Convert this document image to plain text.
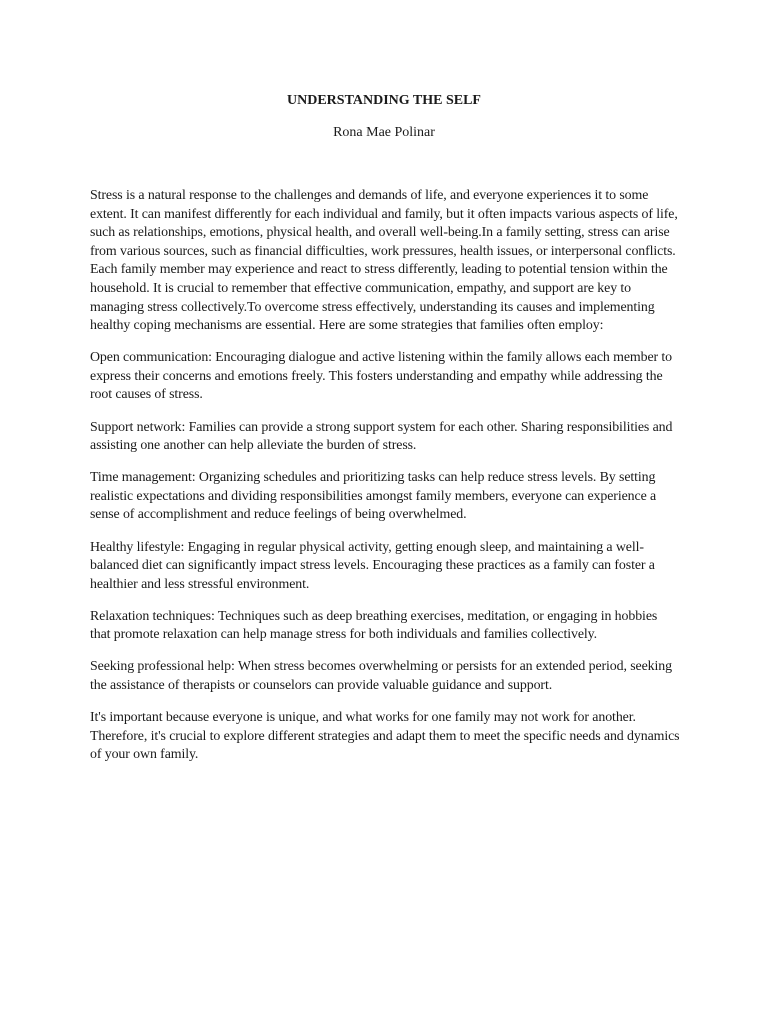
UNDERSTANDING THE SELF
Rona Mae Polinar

Stress is a natural response to the challenges and demands of life, and everyone experiences it to some extent. It can manifest differently for each individual and family, but it often impacts various aspects of life, such as relationships, emotions, physical health, and overall well-being.In a family setting, stress can arise from various sources, such as financial difficulties, work pressures, health issues, or interpersonal conflicts. Each family member may experience and react to stress differently, leading to potential tension within the household. It is crucial to remember that effective communication, empathy, and support are key to managing stress collectively.To overcome stress effectively, understanding its causes and implementing healthy coping mechanisms are essential. Here are some strategies that families often employ:

Open communication: Encouraging dialogue and active listening within the family allows each member to express their concerns and emotions freely. This fosters understanding and empathy while addressing the root causes of stress.

Support network: Families can provide a strong support system for each other. Sharing responsibilities and assisting one another can help alleviate the burden of stress.

Time management: Organizing schedules and prioritizing tasks can help reduce stress levels. By setting realistic expectations and dividing responsibilities amongst family members, everyone can experience a sense of accomplishment and reduce feelings of being overwhelmed.

Healthy lifestyle: Engaging in regular physical activity, getting enough sleep, and maintaining a well-balanced diet can significantly impact stress levels. Encouraging these practices as a family can foster a healthier and less stressful environment.

Relaxation techniques: Techniques such as deep breathing exercises, meditation, or engaging in hobbies that promote relaxation can help manage stress for both individuals and families collectively.

Seeking professional help: When stress becomes overwhelming or persists for an extended period, seeking the assistance of therapists or counselors can provide valuable guidance and support.

It's important because everyone is unique, and what works for one family may not work for another. Therefore, it's crucial to explore different strategies and adapt them to meet the specific needs and dynamics of your own family.
